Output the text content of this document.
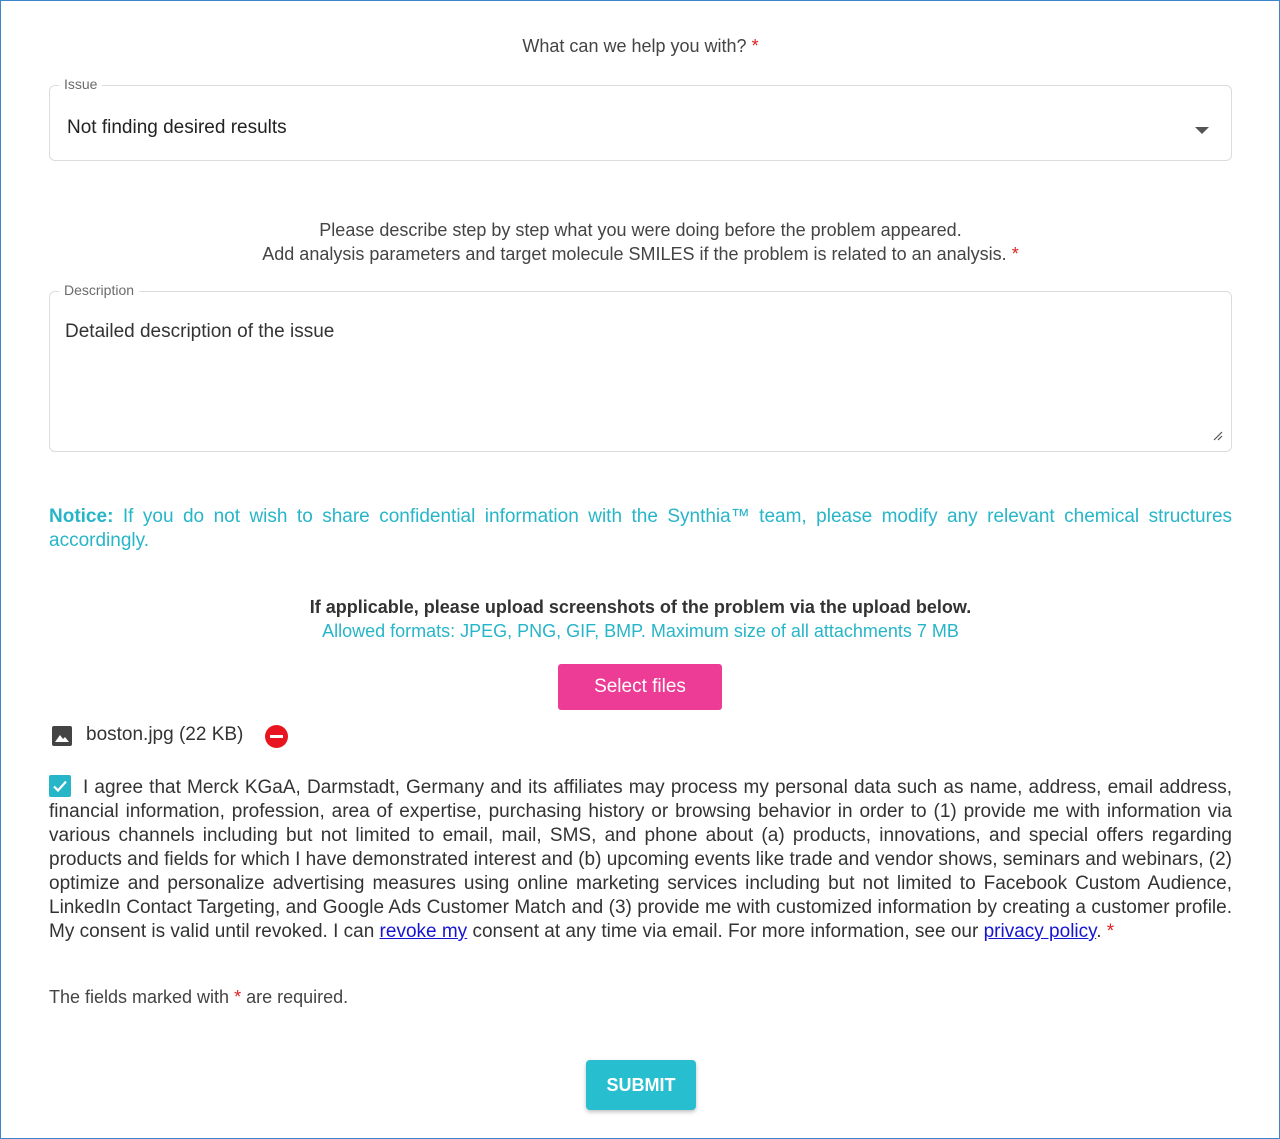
What can we help you with? *
Issue
Not finding desired results
Please describe step by step what you were doing before the problem appeared.
Add analysis parameters and target molecule SMILES if the problem is related to an analysis. *
Description
Detailed description of the issue
Notice: If you do not wish to share confidential information with the Synthia™ team, please modify any relevant chemical structures accordingly.
If applicable, please upload screenshots of the problem via the upload below.
Allowed formats: JPEG, PNG, GIF, BMP. Maximum size of all attachments 7 MB
Select files
boston.jpg (22 KB)
I agree that Merck KGaA, Darmstadt, Germany and its affiliates may process my personal data such as name, address, email address, financial information, profession, area of expertise, purchasing history or browsing behavior in order to (1) provide me with information via various channels including but not limited to email, mail, SMS, and phone about (a) products, innovations, and special offers regarding products and fields for which I have demonstrated interest and (b) upcoming events like trade and vendor shows, seminars and webinars, (2) optimize and personalize advertising measures using online marketing services including but not limited to Facebook Custom Audience, LinkedIn Contact Targeting, and Google Ads Customer Match and (3) provide me with customized information by creating a customer profile. My consent is valid until revoked. I can revoke my consent at any time via email. For more information, see our privacy policy. *
The fields marked with * are required.
SUBMIT
